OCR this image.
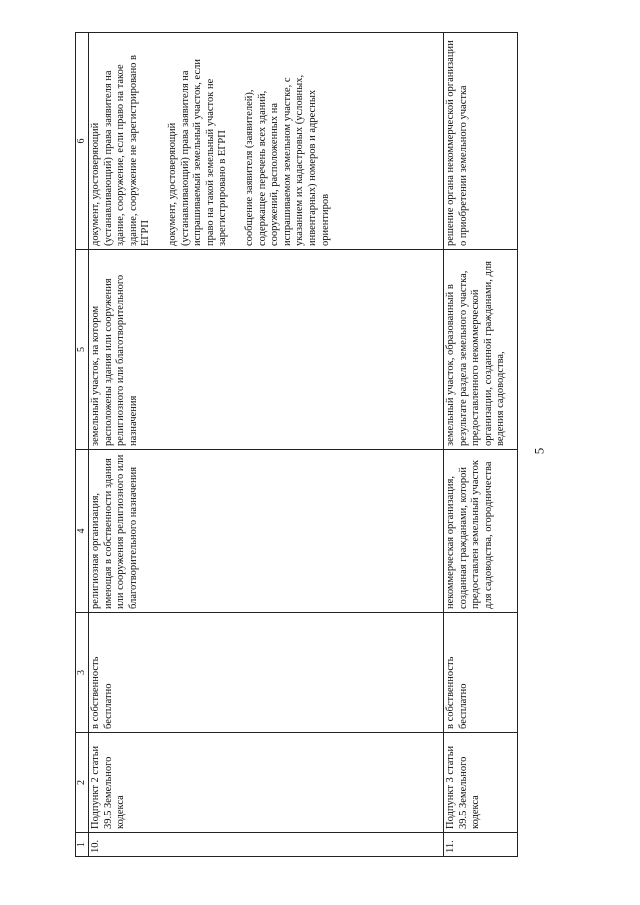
5
1	2	3	4	5	6
10.	Подпункт 2 статьи 39.5 Земельного кодекса	в собственность бесплатно	религиозная организация, имеющая в собственности здания или сооружения религиозного или благотворительного назначения	земельный участок, на котором расположены здания или сооружения религиозного или благотворительного назначения	документ, удостоверяющий (устанавливающий) права заявителя на здание, сооружение, если право на такое здание, сооружение не зарегистрировано в ЕГРП документ, удостоверяющий (устанавливающий) права заявителя на испрашиваемый земельный участок, если право на такой земельный участок не зарегистрировано в ЕГРП сообщение заявителя (заявителей), содержащее перечень всех зданий, сооружений, расположенных на испрашиваемом земельном участке, с указанием их кадастровых (условных, инвентарных) номеров и адресных ориентиров

11.	Подпункт 3 статьи 39.5 Земельного кодекса	в собственность бесплатно	некоммерческая организация, созданная гражданами, которой предоставлен земельный участок для садоводства, огородничества	земельный участок, образованный в результате раздела земельного участка, предоставленного некоммерческой организации, созданной гражданами, для ведения садоводства,	решение органа некоммерческой организации о приобретении земельного участка
